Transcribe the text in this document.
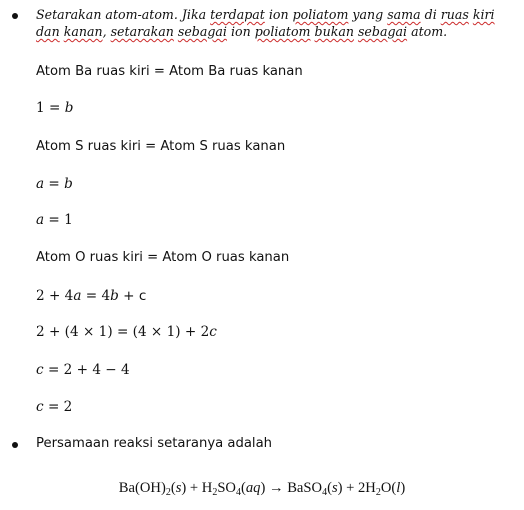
Setarakan atom-atom. Jika terdapat ion poliatom yang sama di ruas kiri
dan kanan, setarakan sebagai ion poliatom bukan sebagai atom.
Atom Ba ruas kiri = Atom Ba ruas kanan
1 = b
Atom S ruas kiri = Atom S ruas kanan
a = b
a = 1
Atom O ruas kiri = Atom O ruas kanan
2 + 4a = 4b + c
2 + (4 × 1) = (4 × 1) + 2c
c = 2 + 4 − 4
c = 2
Persamaan reaksi setaranya adalah
$Ba(OH)_2(s) + H_2SO_4(aq)$ → BaSO$_4$(s) + $2H_2O(l)$
